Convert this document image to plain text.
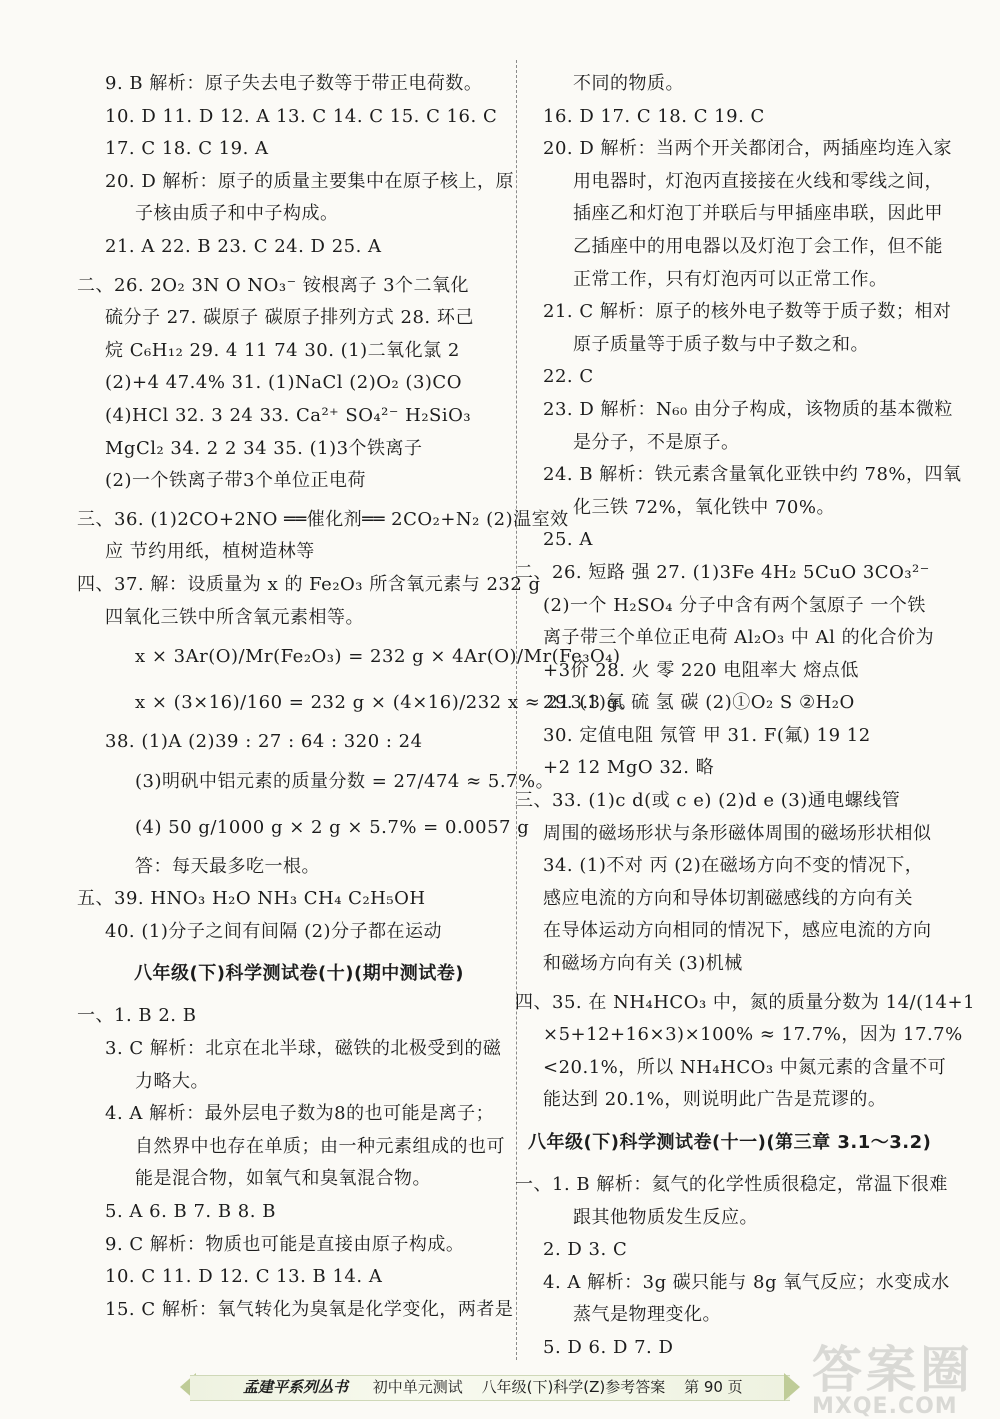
9. B 解析：原子失去电子数等于带正电荷数。
10. D 11. D 12. A 13. C 14. C 15. C 16. C
17. C 18. C 19. A
20. D 解析：原子的质量主要集中在原子核上，原
子核由质子和中子构成。
21. A 22. B 23. C 24. D 25. A
二、26. 2O₂ 3N O NO₃⁻ 铵根离子 3个二氧化
硫分子 27. 碳原子 碳原子排列方式 28. 环己
烷 C₆H₁₂ 29. 4 11 74 30. (1)二氧化氯 2
(2)+4 47.4% 31. (1)NaCl (2)O₂ (3)CO
(4)HCl 32. 3 24 33. Ca²⁺ SO₄²⁻ H₂SiO₃
MgCl₂ 34. 2 2 34 35. (1)3个铁离子
(2)一个铁离子带3个单位正电荷
三、36. (1)2CO+2NO ══催化剂══ 2CO₂+N₂ (2)温室效
应 节约用纸，植树造林等
四、37. 解：设质量为 x 的 Fe₂O₃ 所含氧元素与 232 g
四氧化三铁中所含氧元素相等。
x × 3Ar(O)/Mr(Fe₂O₃) = 232 g × 4Ar(O)/Mr(Fe₃O₄)
x × (3×16)/160 = 232 g × (4×16)/232 x ≈ 213.3 g。
38. (1)A (2)39 : 27 : 64 : 320 : 24
(3)明矾中铝元素的质量分数 = 27/474 ≈ 5.7%。
(4) 50 g/1000 g × 2 g × 5.7% = 0.0057 g
答：每天最多吃一根。
五、39. HNO₃ H₂O NH₃ CH₄ C₂H₅OH
40. (1)分子之间有间隔 (2)分子都在运动
八年级(下)科学测试卷(十)(期中测试卷)
一、1. B 2. B
3. C 解析：北京在北半球，磁铁的北极受到的磁
力略大。
4. A 解析：最外层电子数为8的也可能是离子；
自然界中也存在单质；由一种元素组成的也可
能是混合物，如氧气和臭氧混合物。
5. A 6. B 7. B 8. B
9. C 解析：物质也可能是直接由原子构成。
10. C 11. D 12. C 13. B 14. A
15. C 解析：氧气转化为臭氧是化学变化，两者是
不同的物质。
16. D 17. C 18. C 19. C
20. D 解析：当两个开关都闭合，两插座均连入家
用电器时，灯泡丙直接接在火线和零线之间，
插座乙和灯泡丁并联后与甲插座串联，因此甲
乙插座中的用电器以及灯泡丁会工作，但不能
正常工作，只有灯泡丙可以正常工作。
21. C 解析：原子的核外电子数等于质子数；相对
原子质量等于质子数与中子数之和。
22. C
23. D 解析：N₆₀ 由分子构成，该物质的基本微粒
是分子，不是原子。
24. B 解析：铁元素含量氧化亚铁中约 78%，四氧
化三铁 72%，氧化铁中 70%。
25. A
二、26. 短路 强 27. (1)3Fe 4H₂ 5CuO 3CO₃²⁻
(2)一个 H₂SO₄ 分子中含有两个氢原子 一个铁
离子带三个单位正电荷 Al₂O₃ 中 Al 的化合价为
+3价 28. 火 零 220 电阻率大 熔点低
29. (1)氧 硫 氢 碳 (2)①O₂ S ②H₂O
30. 定值电阻 氖管 甲 31. F(氟) 19 12
+2 12 MgO 32. 略
三、33. (1)c d(或 c e) (2)d e (3)通电螺线管
周围的磁场形状与条形磁体周围的磁场形状相似
34. (1)不对 丙 (2)在磁场方向不变的情况下，
感应电流的方向和导体切割磁感线的方向有关
在导体运动方向相同的情况下，感应电流的方向
和磁场方向有关 (3)机械
四、35. 在 NH₄HCO₃ 中，氮的质量分数为 14/(14+1
×5+12+16×3)×100% ≈ 17.7%，因为 17.7%
<20.1%，所以 NH₄HCO₃ 中氮元素的含量不可
能达到 20.1%，则说明此广告是荒谬的。
八年级(下)科学测试卷(十一)(第三章 3.1～3.2)
一、1. B 解析：氦气的化学性质很稳定，常温下很难
跟其他物质发生反应。
2. D 3. C
4. A 解析：3g 碳只能与 8g 氧气反应；水变成水
蒸气是物理变化。
5. D 6. D 7. D
孟建平系列丛书 初中单元测试 八年级(下)科学(Z)参考答案 第 90 页 答案圈
MXQE.COM
